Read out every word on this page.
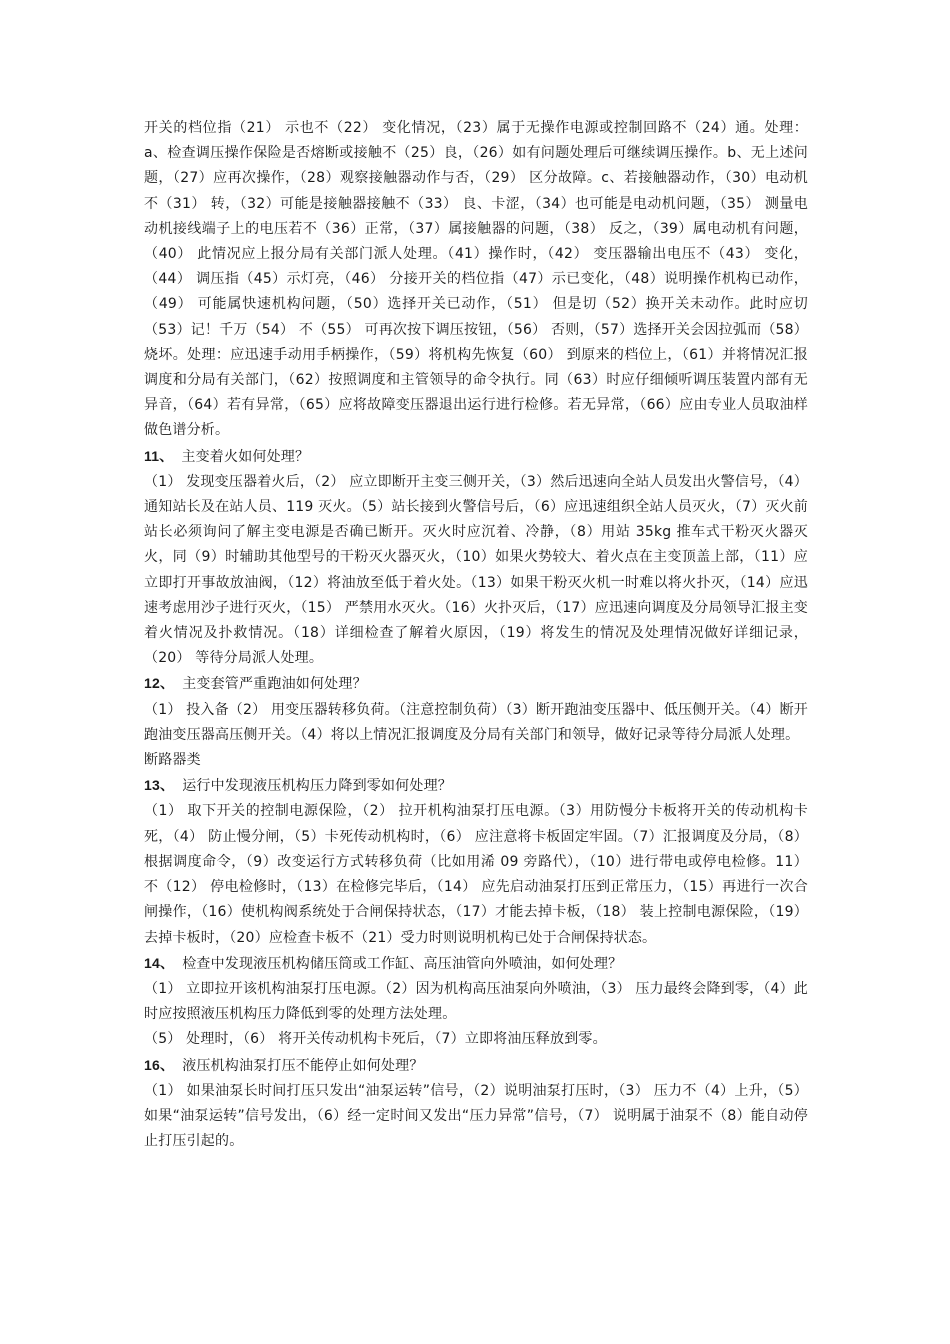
开关的档位指（21） 示也不（22） 变化情况，（23）属于无操作电源或控制回路不（24）通。处理：a、检查调压操作保险是否熔断或接触不（25）良，（26）如有问题处理后可继续调压操作。b、无上述问题，（27）应再次操作，（28）观察接触器动作与否，（29） 区分故障。c、若接触器动作，（30）电动机不（31） 转，（32）可能是接触器接触不（33） 良、卡涩，（34）也可能是电动机问题，（35） 测量电动机接线端子上的电压若不（36）正常，（37）属接触器的问题，（38） 反之，（39）属电动机有问题，（40） 此情况应上报分局有关部门派人处理。（41）操作时，（42） 变压器输出电压不（43） 变化，（44） 调压指（45）示灯亮，（46） 分接开关的档位指（47）示已变化，（48）说明操作机构已动作，（49） 可能属快速机构问题，（50）选择开关已动作，（51） 但是切（52）换开关未动作。此时应切（53）记！千万（54） 不（55） 可再次按下调压按钮，（56） 否则，（57）选择开关会因拉弧而（58）烧坏。处理：应迅速手动用手柄操作，（59）将机构先恢复（60） 到原来的档位上，（61）并将情况汇报调度和分局有关部门，（62）按照调度和主管领导的命令执行。同（63）时应仔细倾听调压装置内部有无异音，（64）若有异常，（65）应将故障变压器退出运行进行检修。若无异常，（66）应由专业人员取油样做色谱分析。

11、 主变着火如何处理？

（1） 发现变压器着火后，（2） 应立即断开主变三侧开关，（3）然后迅速向全站人员发出火警信号，（4）通知站长及在站人员、119 灭火。（5）站长接到火警信号后，（6）应迅速组织全站人员灭火，（7）灭火前站长必须询问了解主变电源是否确已断开。灭火时应沉着、冷静，（8）用站 35kg 推车式干粉灭火器灭火，同（9）时辅助其他型号的干粉灭火器灭火，（10）如果火势较大、着火点在主变顶盖上部，（11）应立即打开事故放油阀，（12）将油放至低于着火处。（13）如果干粉灭火机一时难以将火扑灭，（14）应迅速考虑用沙子进行灭火，（15） 严禁用水灭火。（16）火扑灭后，（17）应迅速向调度及分局领导汇报主变着火情况及扑救情况。（18）详细检查了解着火原因，（19）将发生的情况及处理情况做好详细记录，（20） 等待分局派人处理。

12、 主变套管严重跑油如何处理？

（1） 投入备（2） 用变压器转移负荷。（注意控制负荷）（3）断开跑油变压器中、低压侧开关。（4）断开跑油变压器高压侧开关。（4）将以上情况汇报调度及分局有关部门和领导，做好记录等待分局派人处理。

断路器类

13、 运行中发现液压机构压力降到零如何处理？

（1） 取下开关的控制电源保险，（2） 拉开机构油泵打压电源。（3）用防慢分卡板将开关的传动机构卡死，（4） 防止慢分闸，（5）卡死传动机构时，（6） 应注意将卡板固定牢固。（7）汇报调度及分局，（8） 根据调度命令，（9）改变运行方式转移负荷（比如用浠 09 旁路代），（10）进行带电或停电检修。11） 不（12） 停电检修时，（13）在检修完毕后，（14） 应先启动油泵打压到正常压力，（15）再进行一次合闸操作，（16）使机构阀系统处于合闸保持状态，（17）才能去掉卡板，（18） 装上控制电源保险，（19） 去掉卡板时，（20）应检查卡板不（21）受力时则说明机构已处于合闸保持状态。

14、 检查中发现液压机构储压筒或工作缸、高压油管向外喷油，如何处理？

（1） 立即拉开该机构油泵打压电源。（2）因为机构高压油泵向外喷油，（3） 压力最终会降到零，（4）此时应按照液压机构压力降低到零的处理方法处理。

（5） 处理时，（6） 将开关传动机构卡死后，（7）立即将油压释放到零。

16、 液压机构油泵打压不能停止如何处理？

（1） 如果油泵长时间打压只发出“油泵运转”信号，（2）说明油泵打压时，（3） 压力不（4）上升，（5）如果“油泵运转”信号发出，（6）经一定时间又发出“压力异常”信号，（7） 说明属于油泵不（8）能自动停止打压引起的。
